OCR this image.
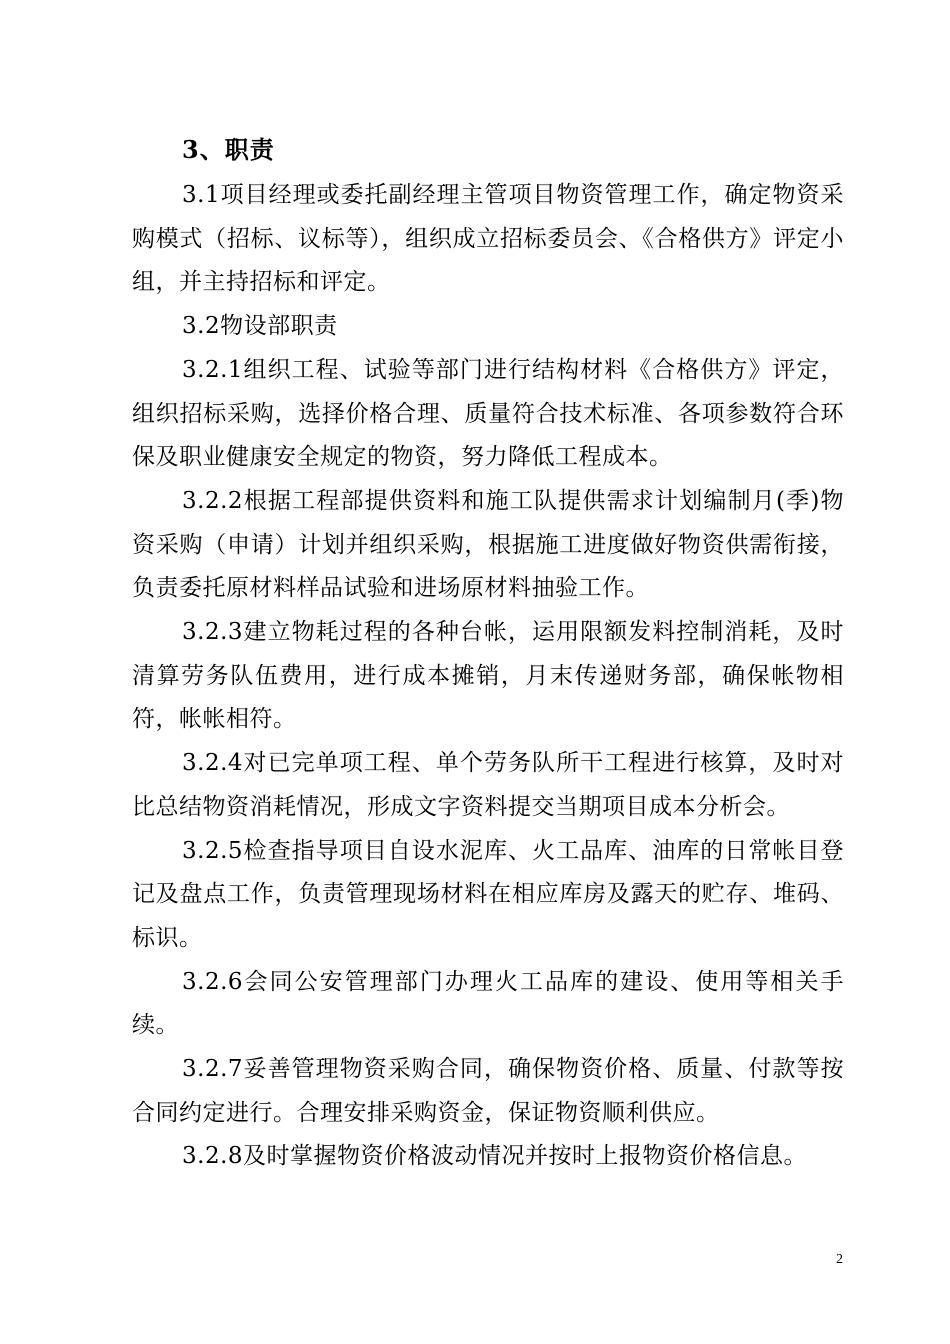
3、职责

3.1项目经理或委托副经理主管项目物资管理工作，确定物资采购模式（招标、议标等），组织成立招标委员会、《合格供方》评定小组，并主持招标和评定。

3.2物设部职责

3.2.1组织工程、试验等部门进行结构材料《合格供方》评定，组织招标采购，选择价格合理、质量符合技术标准、各项参数符合环保及职业健康安全规定的物资，努力降低工程成本。

3.2.2根据工程部提供资料和施工队提供需求计划编制月(季)物资采购（申请）计划并组织采购，根据施工进度做好物资供需衔接，负责委托原材料样品试验和进场原材料抽验工作。

3.2.3建立物耗过程的各种台帐，运用限额发料控制消耗，及时清算劳务队伍费用，进行成本摊销，月末传递财务部，确保帐物相符，帐帐相符。

3.2.4对已完单项工程、单个劳务队所干工程进行核算，及时对比总结物资消耗情况，形成文字资料提交当期项目成本分析会。

3.2.5检查指导项目自设水泥库、火工品库、油库的日常帐目登记及盘点工作，负责管理现场材料在相应库房及露天的贮存、堆码、标识。

3.2.6会同公安管理部门办理火工品库的建设、使用等相关手续。

3.2.7妥善管理物资采购合同，确保物资价格、质量、付款等按合同约定进行。合理安排采购资金，保证物资顺利供应。

3.2.8及时掌握物资价格波动情况并按时上报物资价格信息。

2
